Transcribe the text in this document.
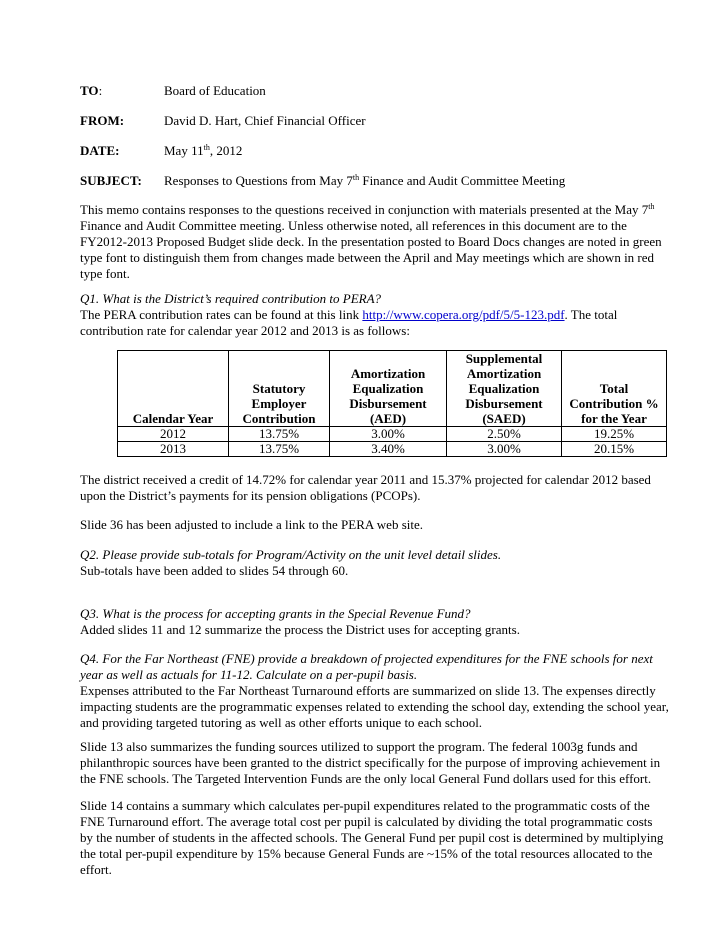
TO:	Board of Education
FROM:	David D. Hart, Chief Financial Officer
DATE:	May 11th, 2012
SUBJECT: Responses to Questions from May 7th Finance and Audit Committee Meeting
This memo contains responses to the questions received in conjunction with materials presented at the May 7th
Finance and Audit Committee meeting. Unless otherwise noted, all references in this document are to the
FY2012-2013 Proposed Budget slide deck. In the presentation posted to Board Docs changes are noted in green
type font to distinguish them from changes made between the April and May meetings which are shown in red
type font.
Q1. What is the District’s required contribution to PERA?
The PERA contribution rates can be found at this link http://www.copera.org/pdf/5/5-123.pdf. The total
contribution rate for calendar year 2012 and 2013 is as follows:
Calendar Year	Statutory
Employer
Contribution	Amortization
Equalization
Disbursement
(AED)	Supplemental
Amortization
Equalization
Disbursement
(SAED)	Total
Contribution %
for the Year
2012	13.75%	3.00%	2.50%	19.25%
2013	13.75%	3.40%	3.00%	20.15%
The district received a credit of 14.72% for calendar year 2011 and 15.37% projected for calendar 2012 based
upon the District’s payments for its pension obligations (PCOPs).
Slide 36 has been adjusted to include a link to the PERA web site.
Q2. Please provide sub-totals for Program/Activity on the unit level detail slides.
Sub-totals have been added to slides 54 through 60.
Q3. What is the process for accepting grants in the Special Revenue Fund?
Added slides 11 and 12 summarize the process the District uses for accepting grants.
Q4. For the Far Northeast (FNE) provide a breakdown of projected expenditures for the FNE schools for next
year as well as actuals for 11-12. Calculate on a per-pupil basis.
Expenses attributed to the Far Northeast Turnaround efforts are summarized on slide 13. The expenses directly
impacting students are the programmatic expenses related to extending the school day, extending the school year,
and providing targeted tutoring as well as other efforts unique to each school.
Slide 13 also summarizes the funding sources utilized to support the program. The federal 1003g funds and
philanthropic sources have been granted to the district specifically for the purpose of improving achievement in
the FNE schools. The Targeted Intervention Funds are the only local General Fund dollars used for this effort.
Slide 14 contains a summary which calculates per-pupil expenditures related to the programmatic costs of the
FNE Turnaround effort. The average total cost per pupil is calculated by dividing the total programmatic costs
by the number of students in the affected schools. The General Fund per pupil cost is determined by multiplying
the total per-pupil expenditure by 15% because General Funds are ~15% of the total resources allocated to the
effort.
